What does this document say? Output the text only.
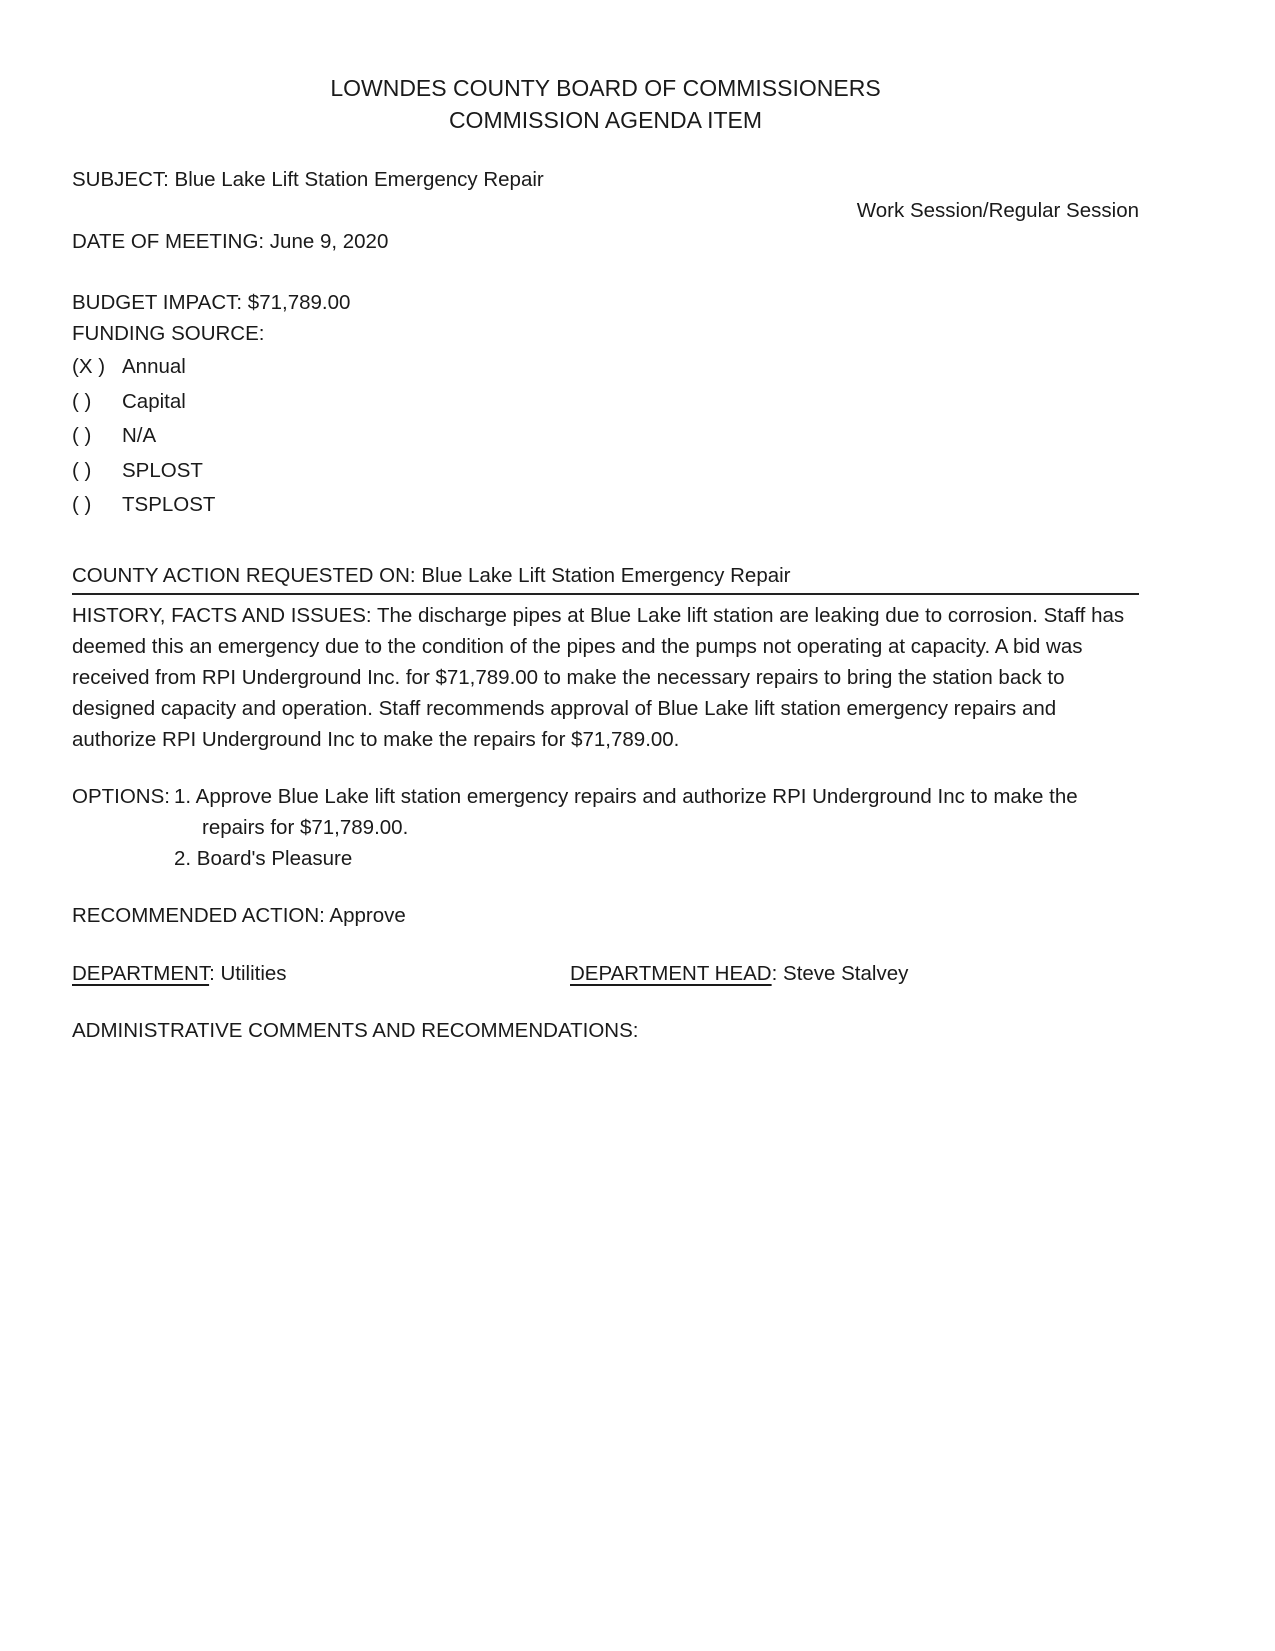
LOWNDES COUNTY BOARD OF COMMISSIONERS
COMMISSION AGENDA ITEM
SUBJECT: Blue Lake Lift Station Emergency Repair
Work Session/Regular Session
DATE OF MEETING: June 9, 2020
BUDGET IMPACT: $71,789.00
FUNDING SOURCE:
(X ) Annual
( )	Capital
( )	N/A
( )	SPLOST
( )	TSPLOST
COUNTY ACTION REQUESTED ON: Blue Lake Lift Station Emergency Repair
HISTORY, FACTS AND ISSUES: The discharge pipes at Blue Lake lift station are leaking due to corrosion. Staff has deemed this an emergency due to the condition of the pipes and the pumps not operating at capacity. A bid was received from RPI Underground Inc. for $71,789.00 to make the necessary repairs to bring the station back to designed capacity and operation. Staff recommends approval of Blue Lake lift station emergency repairs and authorize RPI Underground Inc to make the repairs for $71,789.00.
OPTIONS: 1. Approve Blue Lake lift station emergency repairs and authorize RPI Underground Inc to make the repairs for $71,789.00.
2. Board's Pleasure
RECOMMENDED ACTION: Approve
DEPARTMENT: Utilities	DEPARTMENT HEAD: Steve Stalvey
ADMINISTRATIVE COMMENTS AND RECOMMENDATIONS:
